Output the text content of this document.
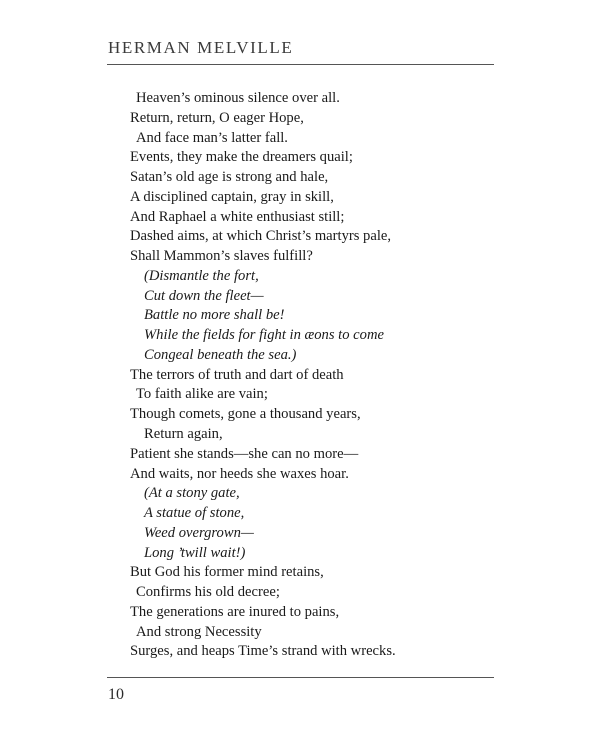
HERMAN MELVILLE
Heaven’s ominous silence over all.
Return, return, O eager Hope,
And face man’s latter fall.
Events, they make the dreamers quail;
Satan’s old age is strong and hale,
A disciplined captain, gray in skill,
And Raphael a white enthusiast still;
Dashed aims, at which Christ’s martyrs pale,
Shall Mammon’s slaves fulfill?
(Dismantle the fort,
Cut down the fleet—
Battle no more shall be!
While the fields for fight in æons to come
Congeal beneath the sea.)
The terrors of truth and dart of death
To faith alike are vain;
Though comets, gone a thousand years,
Return again,
Patient she stands—she can no more—
And waits, nor heeds she waxes hoar.
(At a stony gate,
A statue of stone,
Weed overgrown—
Long ’twill wait!)
But God his former mind retains,
Confirms his old decree;
The generations are inured to pains,
And strong Necessity
Surges, and heaps Time’s strand with wrecks.
10
